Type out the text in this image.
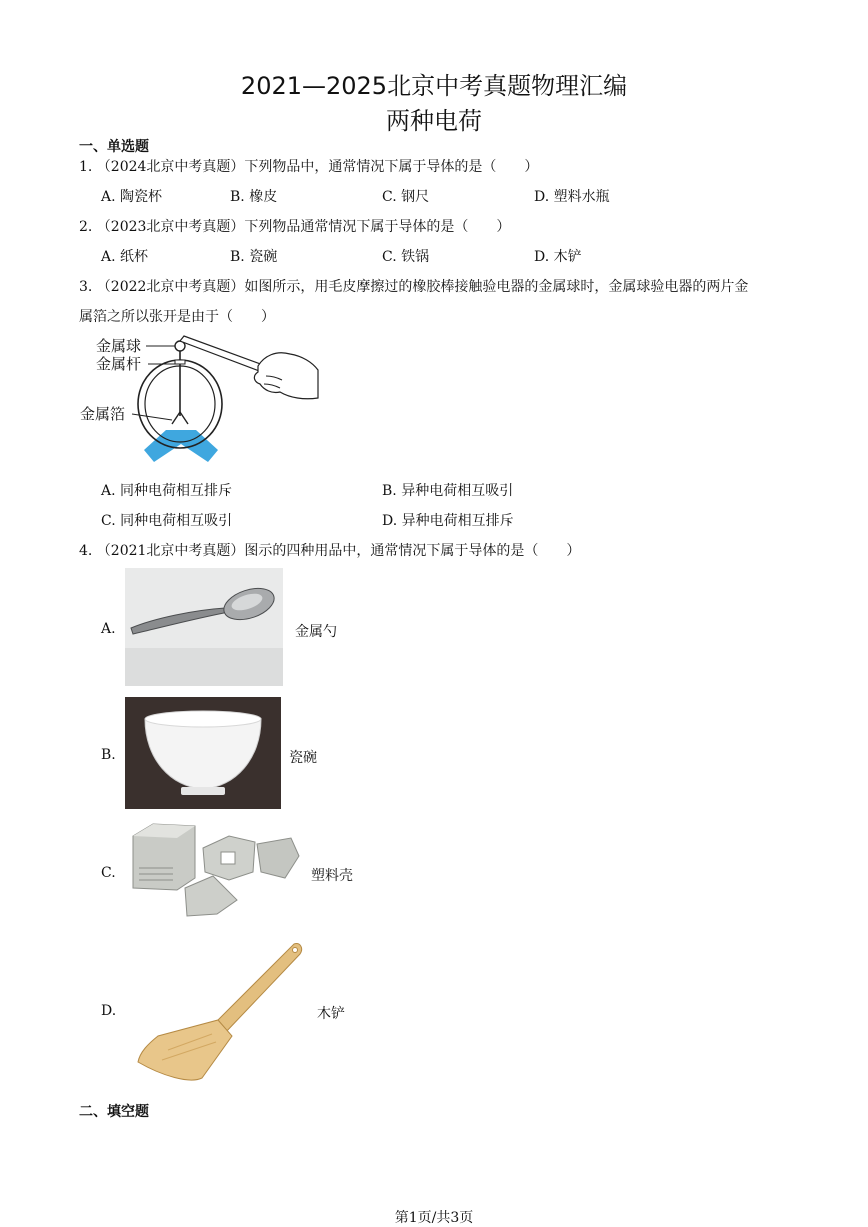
2021—2025北京中考真题物理汇编
两种电荷
一、单选题
1. （2024北京中考真题）下列物品中，通常情况下属于导体的是（　　）
A. 陶瓷杯	B. 橡皮	C. 钢尺	D. 塑料水瓶
2. （2023北京中考真题）下列物品通常情况下属于导体的是（　　）
A. 纸杯	B. 瓷碗	C. 铁锅	D. 木铲
3. （2022北京中考真题）如图所示，用毛皮摩擦过的橡胶棒接触验电器的金属球时，金属球验电器的两片金
属箔之所以张开是由于（　　）
金属球
金属杆
金属箔
A. 同种电荷相互排斥	B. 异种电荷相互吸引
C. 同种电荷相互吸引	D. 异种电荷相互排斥
4. （2021北京中考真题）图示的四种用品中，通常情况下属于导体的是（　　）
A.	金属勺
B.	瓷碗
C.	塑料壳
D.	木铲
二、填空题
第1页/共3页
